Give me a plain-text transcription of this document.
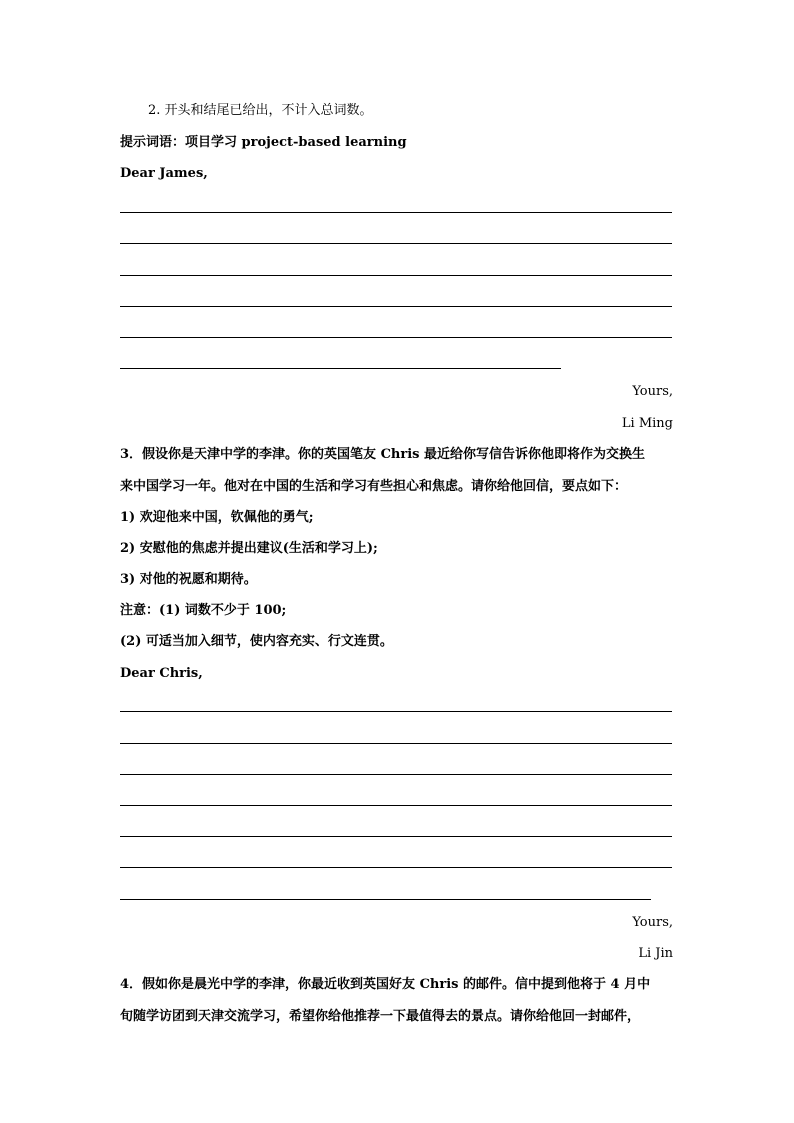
2. 开头和结尾已给出，不计入总词数。
提示词语：项目学习 project-based learning
Dear James,
Yours,
Li Ming
3．假设你是天津中学的李津。你的英国笔友 Chris 最近给你写信告诉你他即将作为交换生
来中国学习一年。他对在中国的生活和学习有些担心和焦虑。请你给他回信，要点如下：
1) 欢迎他来中国，钦佩他的勇气;
2) 安慰他的焦虑并提出建议(生活和学习上);
3) 对他的祝愿和期待。
注意：(1) 词数不少于 100;
(2) 可适当加入细节，使内容充实、行文连贯。
Dear Chris,
Yours,
Li Jin
4．假如你是晨光中学的李津，你最近收到英国好友 Chris 的邮件。信中提到他将于 4 月中
旬随学访团到天津交流学习，希望你给他推荐一下最值得去的景点。请你给他回一封邮件，
